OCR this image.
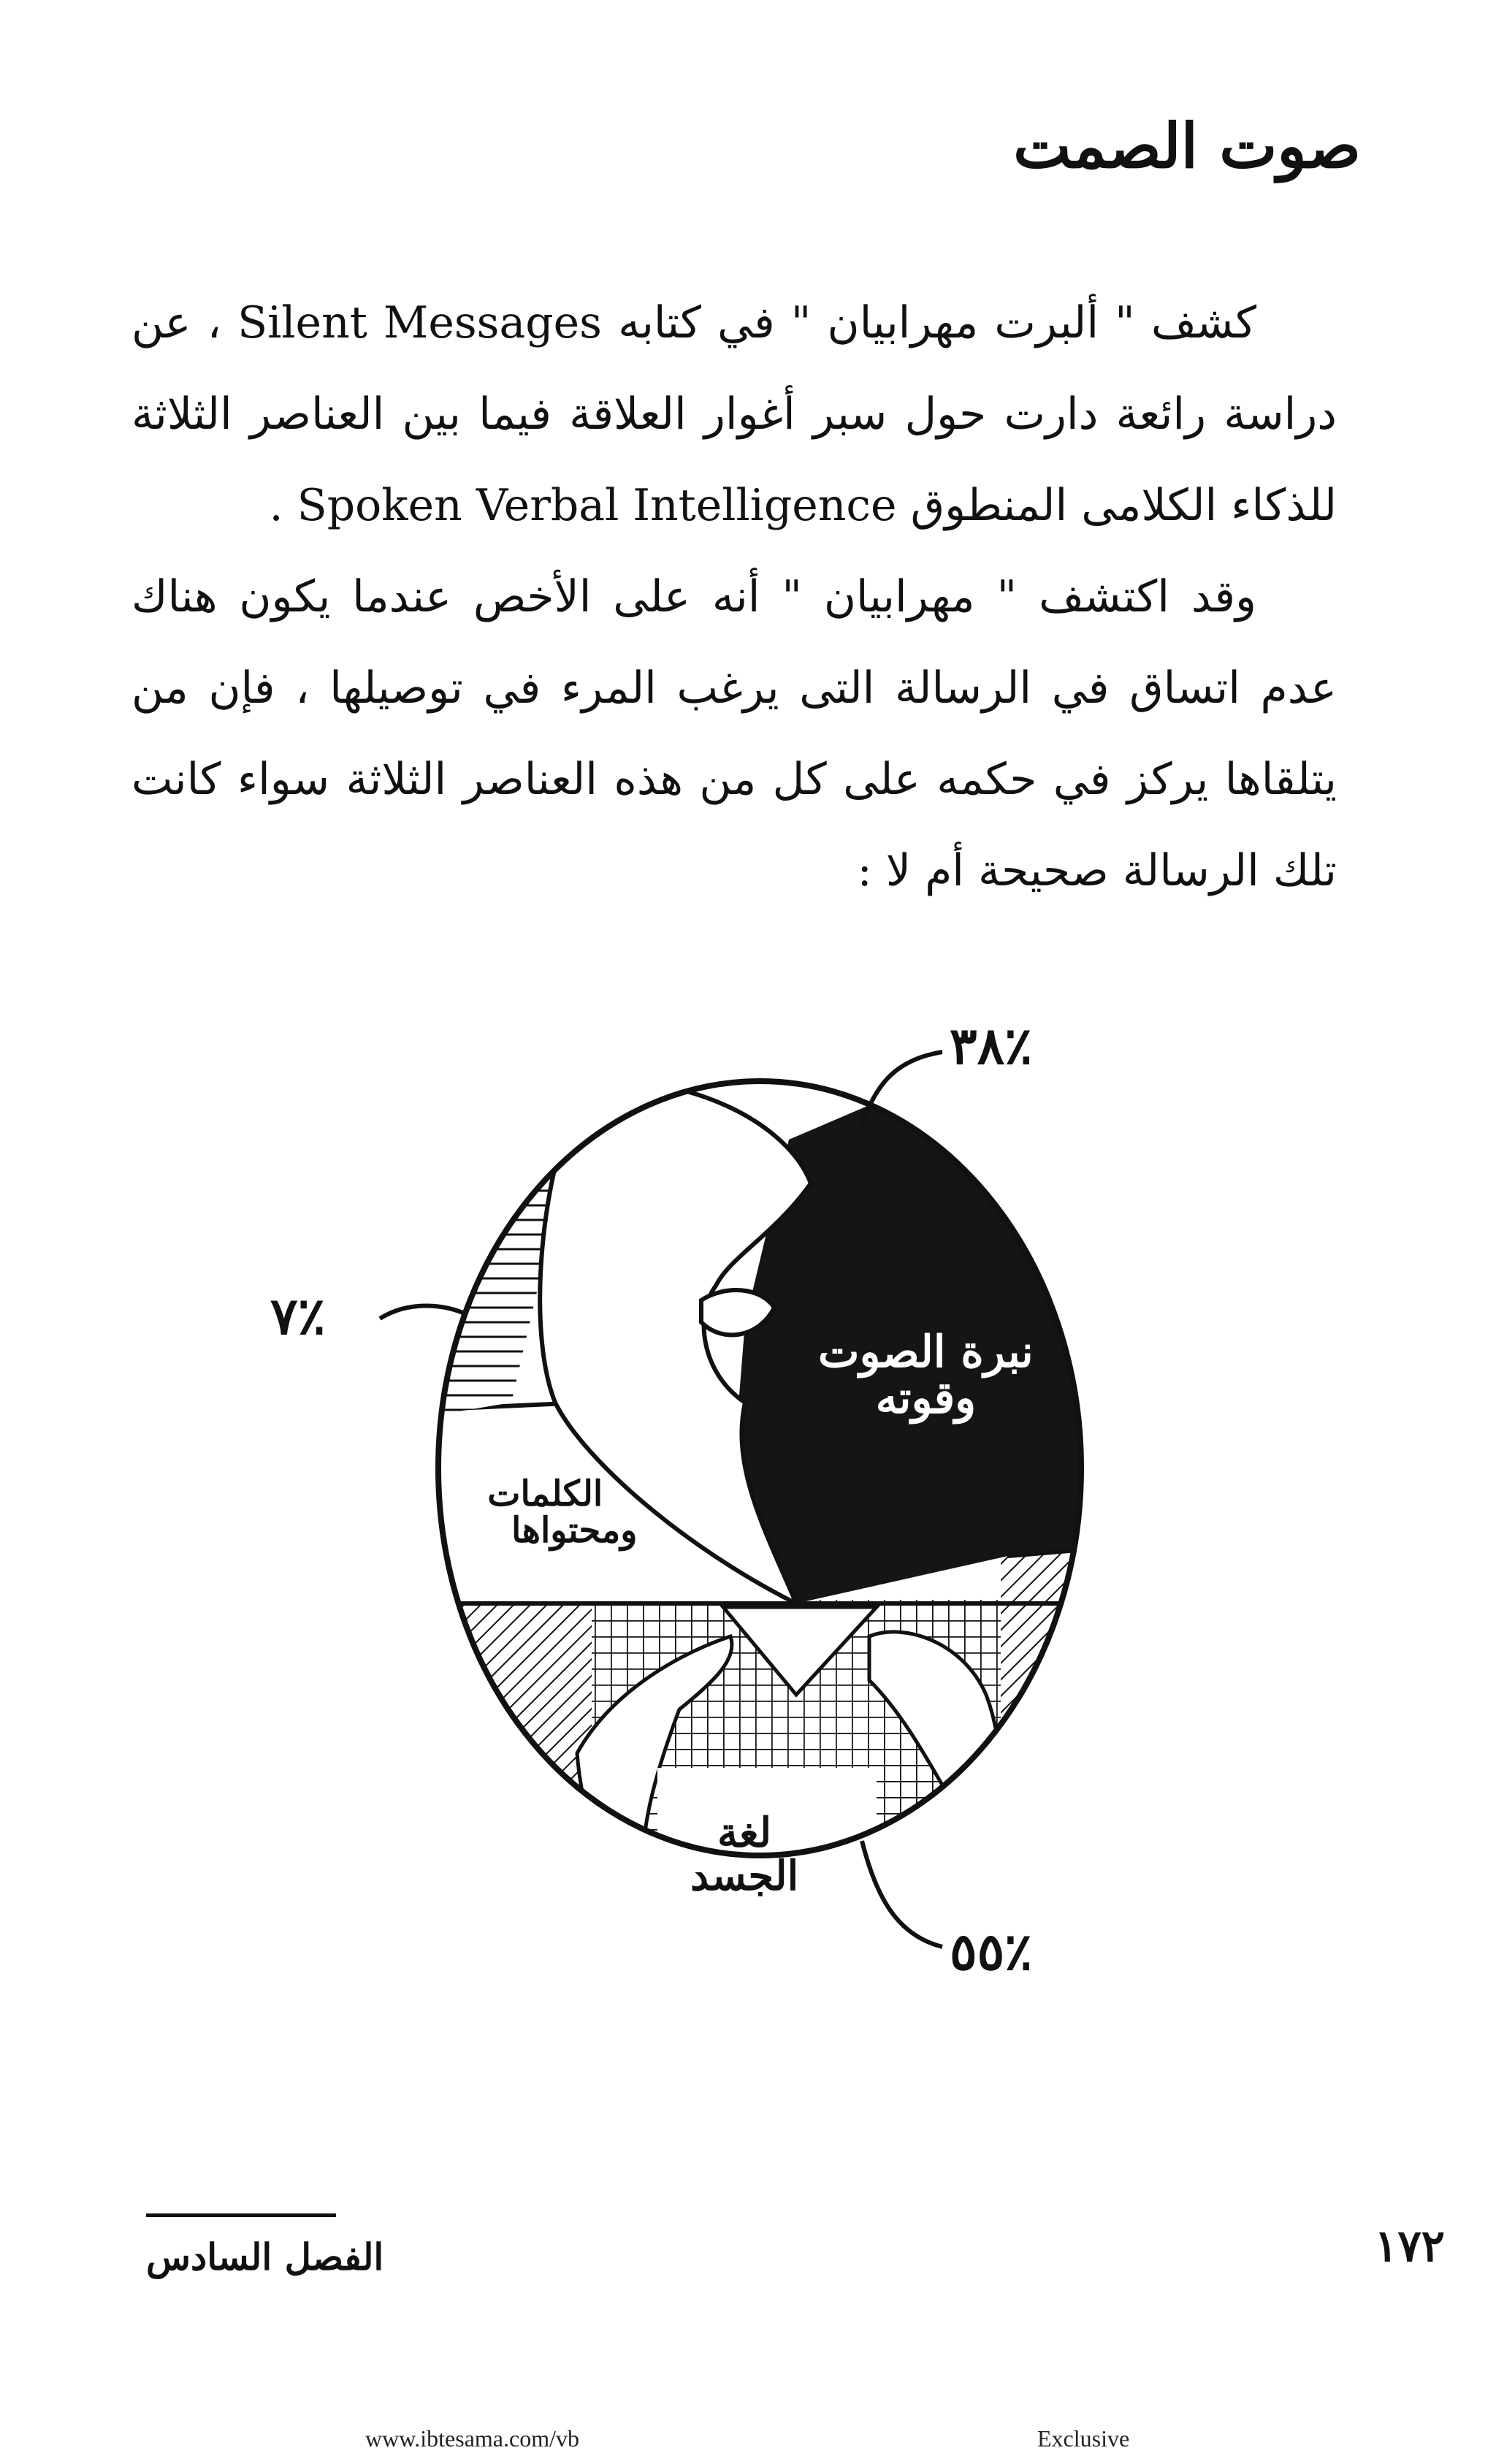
صوت الصمت

كشف " ألبرت مهرابيان " في كتابه Silent Messages ، عن دراسة رائعة دارت حول سبر أغوار العلاقة فيما بين العناصر الثلاثة للذكاء الكلامى المنطوق Spoken Verbal Intelligence .

وقد اكتشف " مهرابيان " أنه على الأخص عندما يكون هناك عدم اتساق في الرسالة التى يرغب المرء في توصيلها ، فإن من يتلقاها يركز في حكمه على كل من هذه العناصر الثلاثة سواء كانت تلك الرسالة صحيحة أم لا :

٪٣٨
٪٧
٪٥٥
نبرة الصوت
وقوته
الكلمات
ومحتواها
لغة
الجسد
الفصل السادس	١٧٢
www.ibtesama.com/vb	Exclusive
